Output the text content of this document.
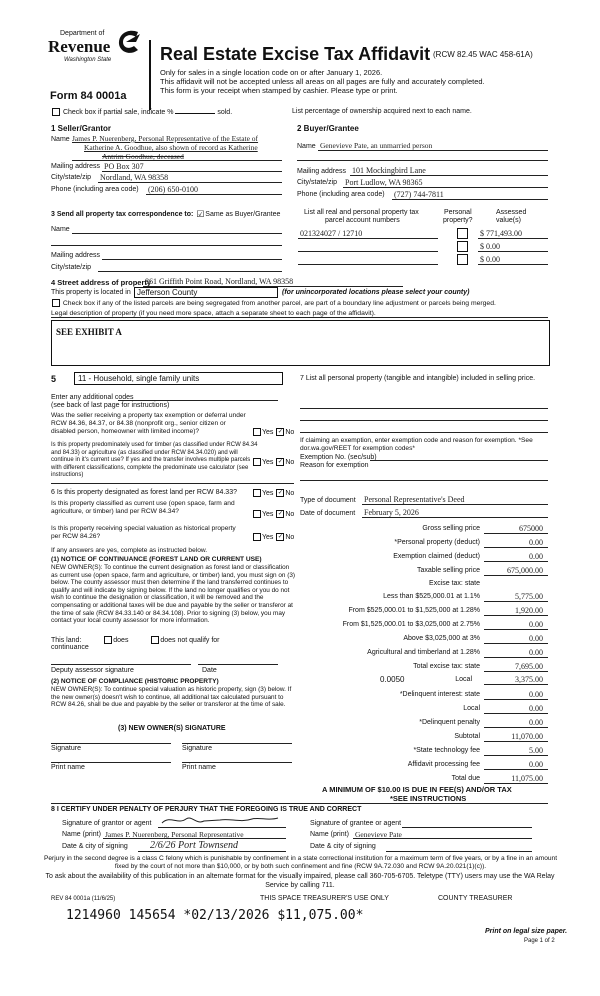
Department of
Revenue
Washington State
Form 84 0001a
Real Estate Excise Tax Affidavit (RCW 82.45 WAC 458-61A)
Only for sales in a single location code on or after January 1, 2026.
This affidavit will not be accepted unless all areas on all pages are fully and accurately completed.
This form is your receipt when stamped by cashier. Please type or print.
Check box if partial sale, indicate %	sold.	List percentage of ownership acquired next to each name.
1 Seller/Grantor
Name James P. Nuerenberg, Personal Representative of the Estate of
Katherine A. Goodhue, also shown of record as Katherine
Antrim Goodhue, deceased
Mailing address PO Box 307
City/state/zip Nordland, WA 98358
Phone (including area code) (206) 650-0100
2 Buyer/Grantee
Name Genevieve Pate, an unmarried person
Mailing address 101 Mockingbird Lane
City/state/zip Port Ludlow, WA 98365
Phone (including area code) (727) 744-7811
3 Send all property tax correspondence to: ☑ Same as Buyer/Grantee
Name
Mailing address
City/state/zip
List all real and personal property tax
parcel account numbers
Personal
property?
Assessed
value(s)
021324027 / 12710	$ 771,493.00
$ 0.00
$ 0.00
4 Street address of property
861 Griffith Point Road, Nordland, WA 98358
This property is located in Jefferson County	(for unincorporated locations please select your county)
Check box if any of the listed parcels are being segregated from another parcel, are part of a boundary line adjustment or parcels being merged.
Legal description of property (if you need more space, attach a separate sheet to each page of the affidavit).
SEE EXHIBIT A
5	11 - Household, single family units
Enter any additional codes
(see back of last page for instructions)
Was the seller receiving a property tax exemption or deferral under RCW 84.36, 84.37, or 84.38 (nonprofit org., senior citizen or disabled person, homeowner with limited income)?	Yes ✓ No
Is this property predominately used for timber (as classified under RCW 84.34 and 84.33) or agriculture (as classified under RCW 84.34.020) and will continue in it's current use? If yes and the transfer involves multiple parcels with different classifications, complete the predominate use calculator (see instructions)
Yes ✓ No
6 Is this property designated as forest land per RCW 84.33?	Yes ✓ No
Is this property classified as current use (open space, farm and agriculture, or timber) land per RCW 84.34?	Yes ✓ No
Is this property receiving special valuation as historical property per RCW 84.26?	Yes ✓ No
If any answers are yes, complete as instructed below.
(1) NOTICE OF CONTINUANCE (FOREST LAND OR CURRENT USE)
NEW OWNER(S): To continue the current designation as forest land or classification as current use (open space, farm and agriculture, or timber) land, you must sign on (3) below. The county assessor must then determine if the land transferred continues to qualify and will indicate by signing below. If the land no longer qualifies or you do not wish to continue the designation or classification, it will be removed and the compensating or additional taxes will be due and payable by the seller or transferor at the time of sale (RCW 84.33.140 or 84.34.108). Prior to signing (3) below, you may contact your local county assessor for more information.
This land:	does	does not qualify for
continuance
Deputy assessor signature	Date
(2) NOTICE OF COMPLIANCE (HISTORIC PROPERTY)
NEW OWNER(S): To continue special valuation as historic property, sign (3) below. If the new owner(s) doesn't wish to continue, all additional tax calculated pursuant to RCW 84.26, shall be due and payable by the seller or transferor at the time of sale.
(3) NEW OWNER(S) SIGNATURE
Signature	Signature
Print name	Print name
7 List all personal property (tangible and intangible) included in selling price.
If claiming an exemption, enter exemption code and reason for exemption. *See dor.wa.gov/REET for exemption codes*
Exemption No. (sec/sub)
Reason for exemption
Type of document Personal Representative's Deed
Date of document February 5, 2026
Gross selling price	675000
*Personal property (deduct)	0.00
Exemption claimed (deduct)	0.00
Taxable selling price	675,000.00
Excise tax: state
Less than $525,000.01 at 1.1%	5,775.00
From $525,000.01 to $1,525,000 at 1.28%	1,920.00
From $1,525,000.01 to $3,025,000 at 2.75%	0.00
Above $3,025,000 at 3%	0.00
Agricultural and timberland at 1.28%	0.00
Total excise tax: state	7,695.00
0.0050	Local	3,375.00
*Delinquent interest: state	0.00
Local	0.00
*Delinquent penalty	0.00
Subtotal	11,070.00
*State technology fee	5.00
Affidavit processing fee	0.00
Total due	11,075.00
A MINIMUM OF $10.00 IS DUE IN FEE(S) AND/OR TAX
*SEE INSTRUCTIONS
8 I CERTIFY UNDER PENALTY OF PERJURY THAT THE FOREGOING IS TRUE AND CORRECT
Signature of grantor or agent	Signature of grantee or agent
Name (print) James P. Nuerenberg, Personal Representative	Name (print) Genevieve Pate
Date & city of signing 2/6/26 Port Townsend	Date & city of signing
Perjury in the second degree is a class C felony which is punishable by confinement in a state correctional institution for a maximum term of five years, or by a fine in an amount fixed by the court of not more than $10,000, or by both such confinement and fine (RCW 9A.72.030 and RCW 9A.20.021(1)(c)).
To ask about the availability of this publication in an alternate format for the visually impaired, please call 360-705-6705. Teletype (TTY) users may use the WA Relay Service by calling 711.
REV 84 0001a (11/6/25)	THIS SPACE TREASURER'S USE ONLY	COUNTY TREASURER
1214960 145654 *02/13/2026 $11,075.00*
Print on legal size paper.
Page 1 of 2
